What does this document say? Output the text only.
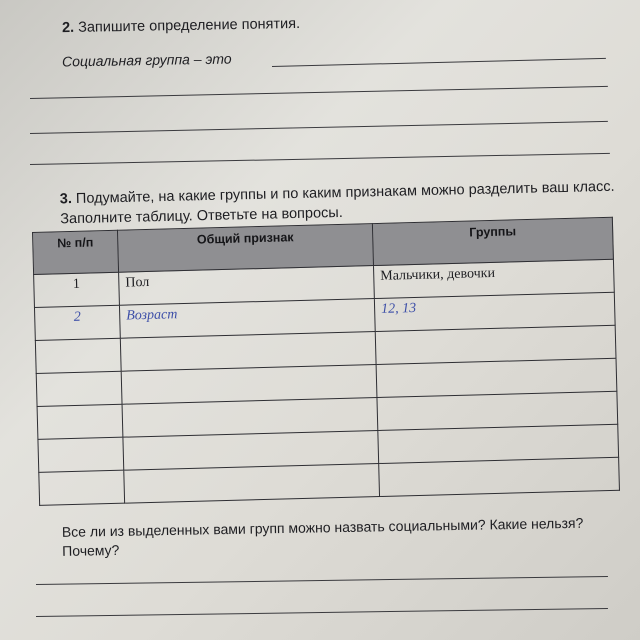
2. Запишите определение понятия.
Социальная группа – это
3. Подумайте, на какие группы и по каким признакам можно разделить ваш класс. Заполните таблицу. Ответьте на вопросы.
№ п/п	Общий признак	Группы
1	Пол	Мальчики, девочки
2	Возраст	12, 13

Все ли из выделенных вами групп можно назвать социальными? Какие нельзя? Почему?
